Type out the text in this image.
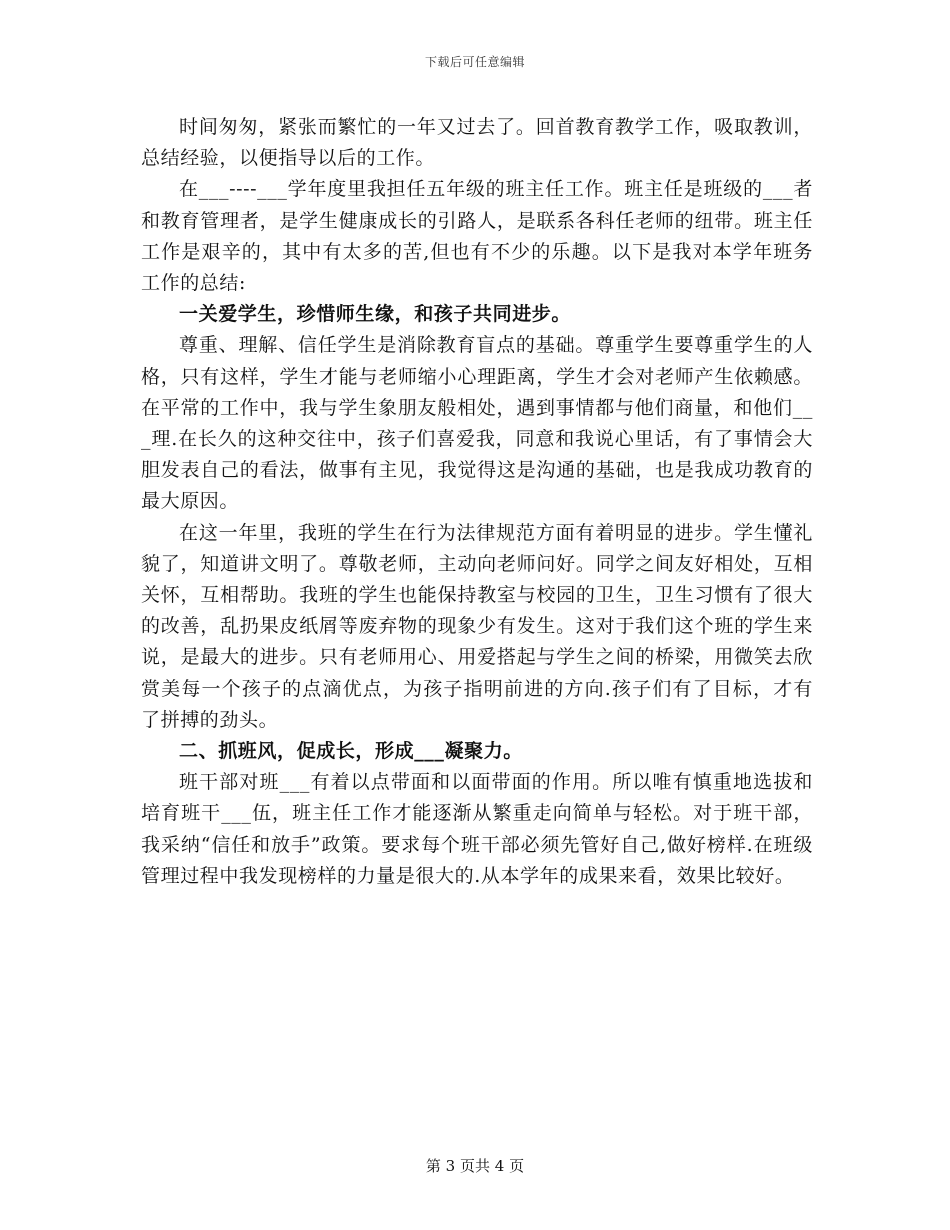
下载后可任意编辑

时间匆匆，紧张而繁忙的一年又过去了。回首教育教学工作，吸取教训，总结经验，以便指导以后的工作。

在___----___学年度里我担任五年级的班主任工作。班主任是班级的___者和教育管理者，是学生健康成长的引路人，是联系各科任老师的纽带。班主任工作是艰辛的，其中有太多的苦,但也有不少的乐趣。以下是我对本学年班务工作的总结:

一关爱学生，珍惜师生缘，和孩子共同进步。

尊重、理解、信任学生是消除教育盲点的基础。尊重学生要尊重学生的人格，只有这样，学生才能与老师缩小心理距离，学生才会对老师产生依赖感。在平常的工作中，我与学生象朋友般相处，遇到事情都与他们商量，和他们___理.在长久的这种交往中，孩子们喜爱我，同意和我说心里话，有了事情会大胆发表自己的看法，做事有主见，我觉得这是沟通的基础，也是我成功教育的最大原因。

在这一年里，我班的学生在行为法律规范方面有着明显的进步。学生懂礼貌了，知道讲文明了。尊敬老师，主动向老师问好。同学之间友好相处，互相关怀，互相帮助。我班的学生也能保持教室与校园的卫生，卫生习惯有了很大的改善，乱扔果皮纸屑等废弃物的现象少有发生。这对于我们这个班的学生来说，是最大的进步。只有老师用心、用爱搭起与学生之间的桥梁，用微笑去欣赏美每一个孩子的点滴优点，为孩子指明前进的方向.孩子们有了目标，才有了拼搏的劲头。

二、抓班风，促成长，形成___凝聚力。

班干部对班___有着以点带面和以面带面的作用。所以唯有慎重地选拔和培育班干___伍，班主任工作才能逐渐从繁重走向简单与轻松。对于班干部，我采纳“信任和放手”政策。要求每个班干部必须先管好自己,做好榜样.在班级管理过程中我发现榜样的力量是很大的.从本学年的成果来看，效果比较好。

第 3 页共 4 页
